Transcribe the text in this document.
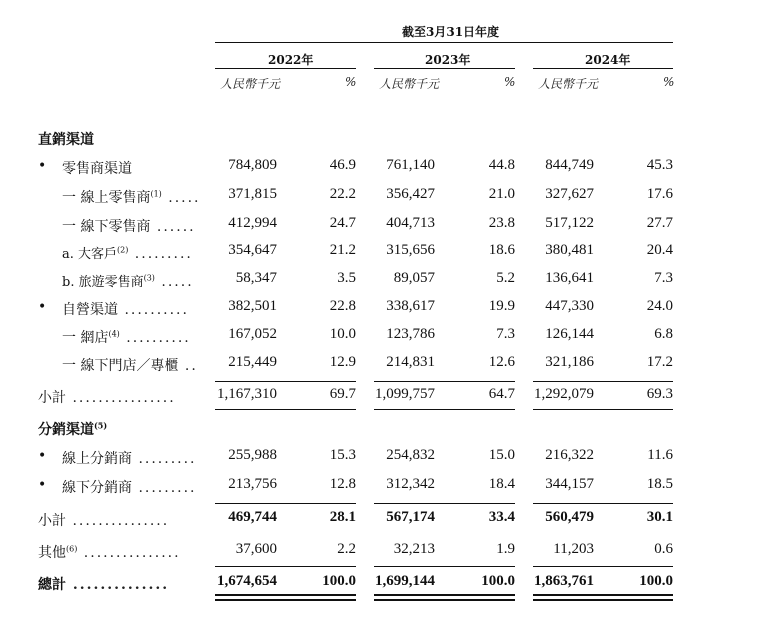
截至3月31日年度
2022年	2023年	2024年
人民幣千元	% 人民幣千元	% 人民幣千元	%
直銷渠道
• 零售商渠道	784,809	46.9	761,140	44.8	844,749	45.3
一 線上零售商$^{(1)}$ .....	371,815	22.2	356,427	21.0	327,627	17.6
一 線下零售商 ......	412,994	24.7	404,713	23.8	517,122	27.7
a. 大客戶$^{(2)}$ .........	354,647	21.2	315,656	18.6	380,481	20.4
b. 旅遊零售商$^{(3)}$ .....	58,347	3.5	89,057	5.2	136,641	7.3
• 自營渠道 ..........	382,501	22.8	338,617	19.9	447,330	24.0
一 網店$^{(4)}$ ..........	167,052	10.0	123,786	7.3	126,144	6.8
一 線下門店／專櫃 ..	215,449	12.9	214,831	12.6	321,186	17.2
小計 ................	1,167,310	69.7	1,099,757	64.7	1,292,079	69.3
• 線上分銷商 .........	255,988	15.3	254,832	15.0	216,322	11.6
• 線下分銷商 .........	213,756	12.8	312,342	18.4	344,157	18.5
小計 ...............	469,744	28.1	567,174	33.4	560,479	30.1
其他$^{(6)}$ ...............	37,600	2.2	32,213	1.9	11,203	0.6
總計 ..............	1,674,654	100.0	1,699,144	100.0	1,863,761	100.0
分銷渠道$^{(5)}$
